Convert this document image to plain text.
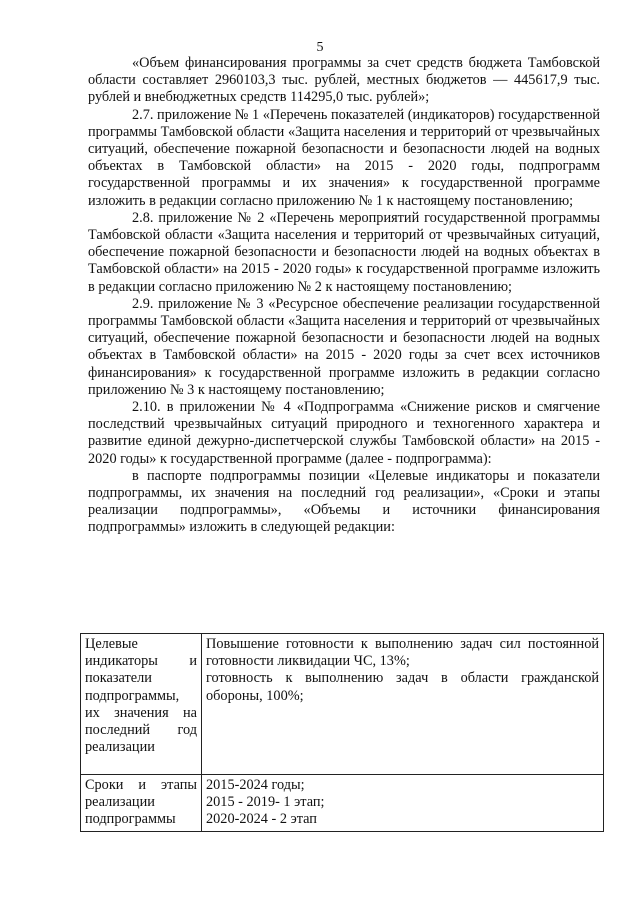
5

«Объем финансирования программы за счет средств бюджета Тамбовской области составляет 2960103,3 тыс. рублей, местных бюджетов — 445617,9 тыс. рублей и внебюджетных средств 114295,0 тыс. рублей»;

2.7. приложение № 1 «Перечень показателей (индикаторов) государственной программы Тамбовской области «Защита населения и территорий от чрезвычайных ситуаций, обеспечение пожарной безопасности и безопасности людей на водных объектах в Тамбовской области» на 2015 - 2020 годы, подпрограмм государственной программы и их значения» к государственной программе изложить в редакции согласно приложению № 1 к настоящему постановлению;

2.8. приложение № 2 «Перечень мероприятий государственной программы Тамбовской области «Защита населения и территорий от чрезвычайных ситуаций, обеспечение пожарной безопасности и безопасности людей на водных объектах в Тамбовской области» на 2015 - 2020 годы» к государственной программе изложить в редакции согласно приложению № 2 к настоящему постановлению;

2.9. приложение № 3 «Ресурсное обеспечение реализации государственной программы Тамбовской области «Защита населения и территорий от чрезвычайных ситуаций, обеспечение пожарной безопасности и безопасности людей на водных объектах в Тамбовской области» на 2015 - 2020 годы за счет всех источников финансирования» к государственной программе изложить в редакции согласно приложению № 3 к настоящему постановлению;

2.10. в приложении № 4 «Подпрограмма «Снижение рисков и смягчение последствий чрезвычайных ситуаций природного и техногенного характера и развитие единой дежурно-диспетчерской службы Тамбовской области» на 2015 - 2020 годы» к государственной программе (далее - подпрограмма):

в паспорте подпрограммы позиции «Целевые индикаторы и показатели подпрограммы, их значения на последний год реализации», «Сроки и этапы реализации подпрограммы», «Объемы и источники финансирования подпрограммы» изложить в следующей редакции:

Целевые индикаторы и показатели подпрограммы, их значения на последний год реализации	Повышение готовности к выполнению задач сил постоянной готовности ликвидации ЧС, 13%;
готовность к выполнению задач в области гражданской обороны, 100%;

Сроки и этапы реализации подпрограммы	2015-2024 годы;
2015 - 2019- 1 этап;
2020-2024 - 2 этап
